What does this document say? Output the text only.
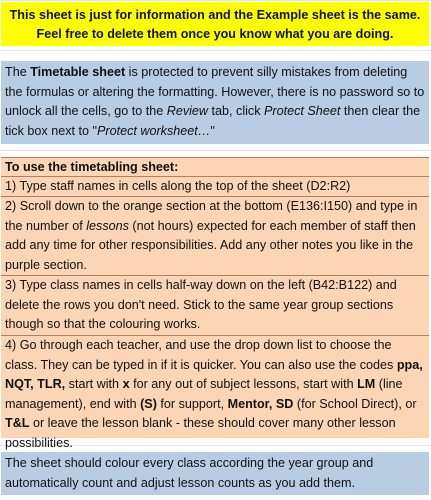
This sheet is just for information and the Example sheet is the same.
Feel free to delete them once you know what you are doing.
The Timetable sheet is protected to prevent silly mistakes from deleting the formulas or altering the formatting. However, there is no password so to unlock all the cells, go to the Review tab, click Protect Sheet then clear the tick box next to "Protect worksheet…"
To use the timetabling sheet:
1) Type staff names in cells along the top of the sheet (D2:R2)
2) Scroll down to the orange section at the bottom (E136:I150) and type in the number of lessons (not hours) expected for each member of staff then add any time for other responsibilities. Add any other notes you like in the purple section.
3) Type class names in cells half-way down on the left (B42:B122) and delete the rows you don't need. Stick to the same year group sections though so that the colouring works.
4) Go through each teacher, and use the drop down list to choose the class. They can be typed in if it is quicker. You can also use the codes ppa, NQT, TLR, start with x for any out of subject lessons, start with LM (line management), end with (S) for support, Mentor, SD (for School Direct), or T&L or leave the lesson blank - these should cover many other lesson possibilities.
The sheet should colour every class according the year group and automatically count and adjust lesson counts as you add them.
